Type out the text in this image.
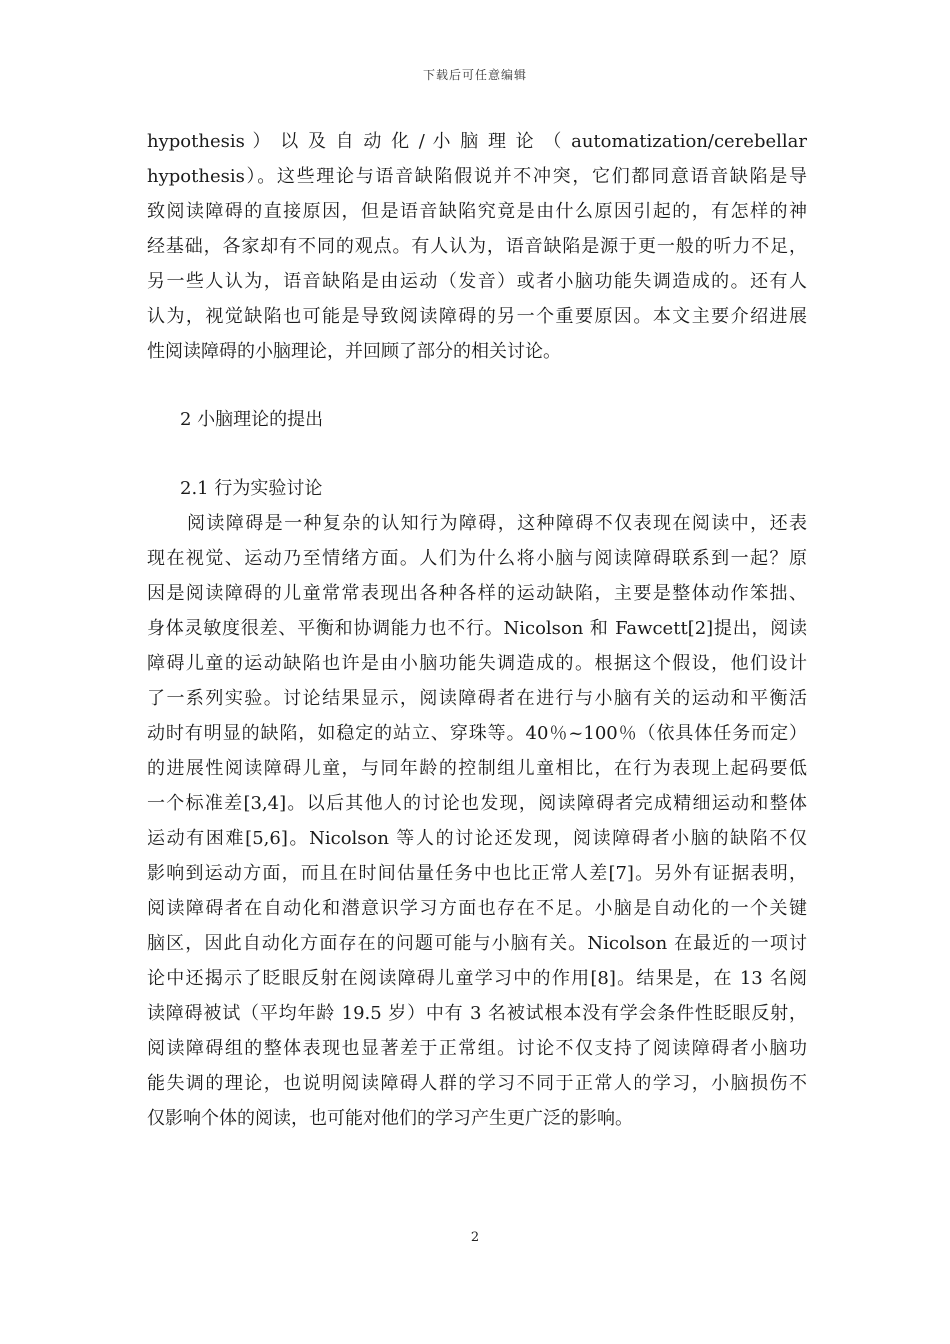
下载后可任意编辑
hypothesis ） 以 及 自 动 化 / 小 脑 理 论 （ automatization/cerebellar
hypothesis）。这些理论与语音缺陷假说并不冲突，它们都同意语音缺陷是导
致阅读障碍的直接原因，但是语音缺陷究竟是由什么原因引起的，有怎样的神
经基础，各家却有不同的观点。有人认为，语音缺陷是源于更一般的听力不足，
另一些人认为，语音缺陷是由运动（发音）或者小脑功能失调造成的。还有人
认为，视觉缺陷也可能是导致阅读障碍的另一个重要原因。本文主要介绍进展
性阅读障碍的小脑理论，并回顾了部分的相关讨论。
2 小脑理论的提出
2.1 行为实验讨论
阅读障碍是一种复杂的认知行为障碍，这种障碍不仅表现在阅读中，还表
现在视觉、运动乃至情绪方面。人们为什么将小脑与阅读障碍联系到一起？原
因是阅读障碍的儿童常常表现出各种各样的运动缺陷，主要是整体动作笨拙、
身体灵敏度很差、平衡和协调能力也不行。Nicolson 和 Fawcett[2]提出，阅读
障碍儿童的运动缺陷也许是由小脑功能失调造成的。根据这个假设，他们设计
了一系列实验。讨论结果显示，阅读障碍者在进行与小脑有关的运动和平衡活
动时有明显的缺陷，如稳定的站立、穿珠等。40％~100％（依具体任务而定）
的进展性阅读障碍儿童，与同年龄的控制组儿童相比，在行为表现上起码要低
一个标准差[3,4]。以后其他人的讨论也发现，阅读障碍者完成精细运动和整体
运动有困难[5,6]。Nicolson 等人的讨论还发现，阅读障碍者小脑的缺陷不仅
影响到运动方面，而且在时间估量任务中也比正常人差[7]。另外有证据表明，
阅读障碍者在自动化和潜意识学习方面也存在不足。小脑是自动化的一个关键
脑区，因此自动化方面存在的问题可能与小脑有关。Nicolson 在最近的一项讨
论中还揭示了眨眼反射在阅读障碍儿童学习中的作用[8]。结果是，在 13 名阅
读障碍被试（平均年龄 19.5 岁）中有 3 名被试根本没有学会条件性眨眼反射，
阅读障碍组的整体表现也显著差于正常组。讨论不仅支持了阅读障碍者小脑功
能失调的理论，也说明阅读障碍人群的学习不同于正常人的学习，小脑损伤不
仅影响个体的阅读，也可能对他们的学习产生更广泛的影响。
2
